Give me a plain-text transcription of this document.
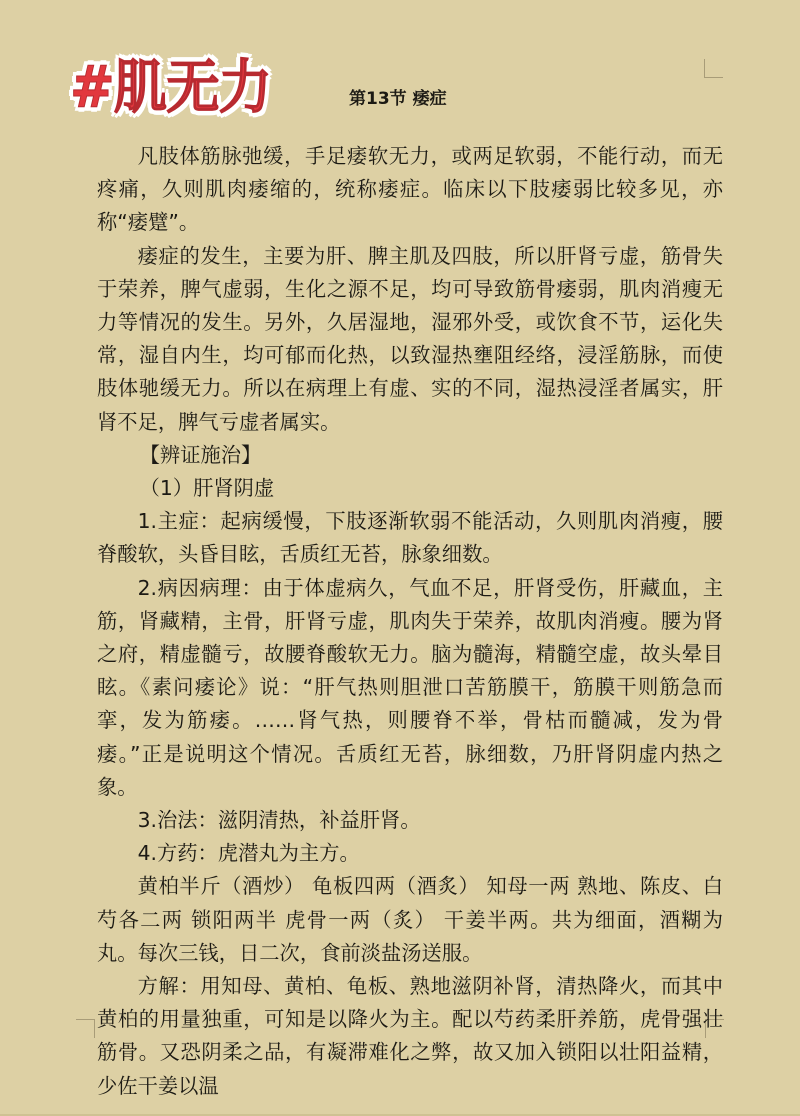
#肌无力	第13节 痿症

凡肢体筋脉弛缓，手足痿软无力，或两足软弱，不能行动，而无疼痛，久则肌肉痿缩的，统称痿症。临床以下肢痿弱比较多见，亦称“痿躄”。

痿症的发生，主要为肝、脾主肌及四肢，所以肝肾亏虚，筋骨失于荣养，脾气虚弱，生化之源不足，均可导致筋骨痿弱，肌肉消瘦无力等情况的发生。另外，久居湿地，湿邪外受，或饮食不节，运化失常，湿自内生，均可郁而化热，以致湿热壅阻经络，浸淫筋脉，而使肢体驰缓无力。所以在病理上有虚、实的不同，湿热浸淫者属实，肝肾不足，脾气亏虚者属实。

【辨证施治】

（1）肝肾阴虚

1.主症：起病缓慢，下肢逐渐软弱不能活动，久则肌肉消瘦，腰脊酸软，头昏目眩，舌质红无苔，脉象细数。

2.病因病理：由于体虚病久，气血不足，肝肾受伤，肝藏血，主筋，肾藏精，主骨，肝肾亏虚，肌肉失于荣养，故肌肉消瘦。腰为肾之府，精虚髓亏，故腰脊酸软无力。脑为髓海，精髓空虚，故头晕目眩。《素问痿论》说：“肝气热则胆泄口苦筋膜干，筋膜干则筋急而挛，发为筋痿。……肾气热，则腰脊不举，骨枯而髓减，发为骨痿。”正是说明这个情况。舌质红无苔，脉细数，乃肝肾阴虚内热之象。

3.治法：滋阴清热，补益肝肾。

4.方药：虎潜丸为主方。

黄柏半斤（酒炒） 龟板四两（酒炙） 知母一两 熟地、陈皮、白芍各二两 锁阳两半 虎骨一两（炙） 干姜半两。共为细面，酒糊为丸。每次三钱，日二次，食前淡盐汤送服。

方解：用知母、黄柏、龟板、熟地滋阴补肾，清热降火，而其中黄柏的用量独重，可知是以降火为主。配以芍药柔肝养筋，虎骨强壮筋骨。又恐阴柔之品，有凝滞难化之弊，故又加入锁阳以壮阳益精，少佐干姜以温
